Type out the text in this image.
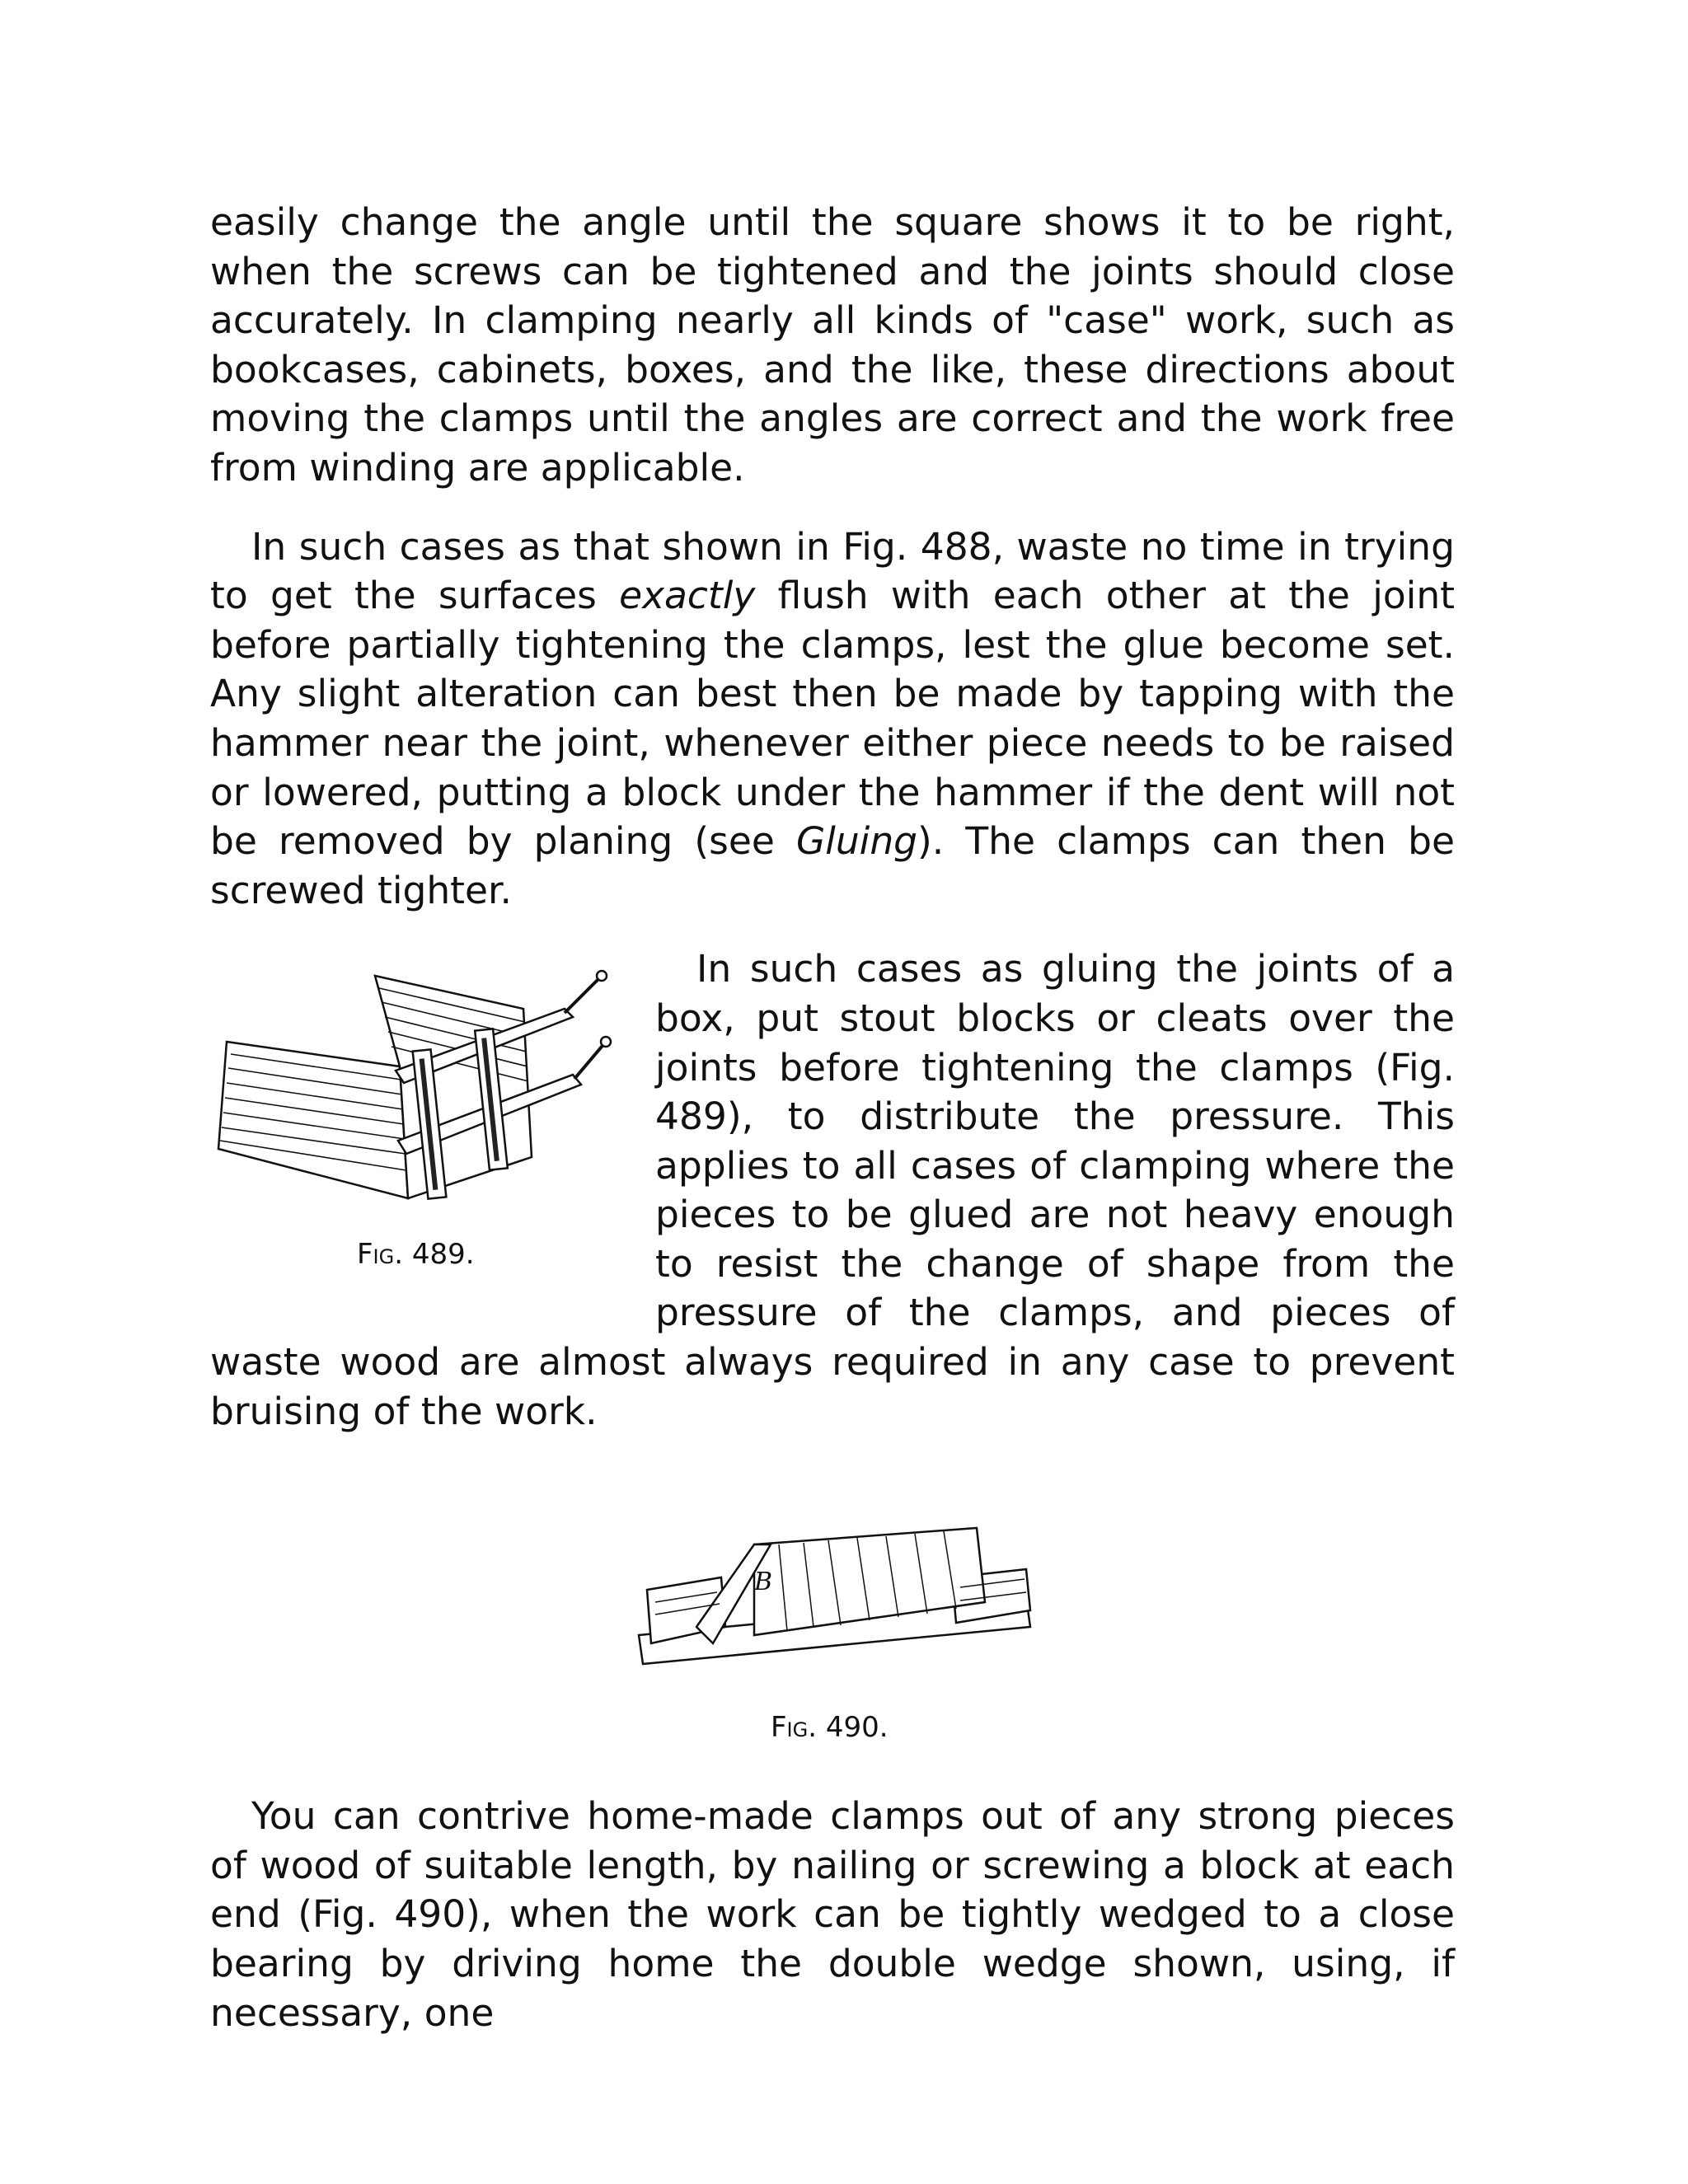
easily change the angle until the square shows it to be right, when the screws can be tightened and the joints should close accurately. In clamping nearly all kinds of "case" work, such as bookcases, cabinets, boxes, and the like, these directions about moving the clamps until the angles are correct and the work free from winding are applicable.

In such cases as that shown in Fig. 488, waste no time in trying to get the surfaces exactly flush with each other at the joint before partially tightening the clamps, lest the glue become set. Any slight alteration can best then be made by tapping with the hammer near the joint, whenever either piece needs to be raised or lowered, putting a block under the hammer if the dent will not be removed by planing (see Gluing). The clamps can then be screwed tighter.

Fig. 489.

In such cases as gluing the joints of a box, put stout blocks or cleats over the joints before tightening the clamps (Fig. 489), to distribute the pressure. This applies to all cases of clamping where the pieces to be glued are not heavy enough to resist the change of shape from the pressure of the clamps, and pieces of waste wood are almost always required in any case to prevent bruising of the work.

B
Fig. 490.

You can contrive home-made clamps out of any strong pieces of wood of suitable length, by nailing or screwing a block at each end (Fig. 490), when the work can be tightly wedged to a close bearing by driving home the double wedge shown, using, if necessary, one
